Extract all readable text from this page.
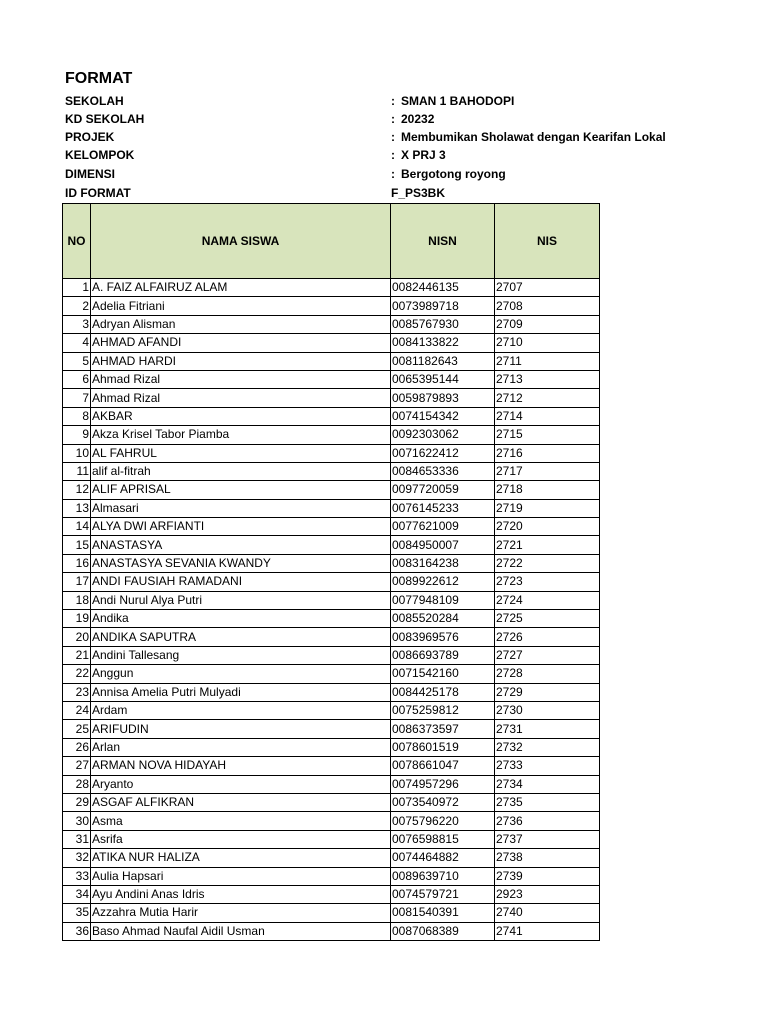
FORMAT
SEKOLAH	: SMAN 1 BAHODOPI
KD SEKOLAH	: 20232
PROJEK	: Membumikan Sholawat dengan Kearifan Lokal
KELOMPOK	: X PRJ 3
DIMENSI	: Bergotong royong
ID FORMAT	F_PS3BK
NO	NAMA SISWA	NISN	NIS
1	A. FAIZ ALFAIRUZ ALAM	0082446135	2707
2	Adelia Fitriani	0073989718	2708
3	Adryan Alisman	0085767930	2709
4	AHMAD AFANDI	0084133822	2710
5	AHMAD HARDI	0081182643	2711
6	Ahmad Rizal	0065395144	2713
7	Ahmad Rizal	0059879893	2712
8	AKBAR	0074154342	2714
9	Akza Krisel Tabor Piamba	0092303062	2715
10	AL FAHRUL	0071622412	2716
11	alif al-fitrah	0084653336	2717
12	ALIF APRISAL	0097720059	2718
13	Almasari	0076145233	2719
14	ALYA DWI ARFIANTI	0077621009	2720
15	ANASTASYA	0084950007	2721
16	ANASTASYA SEVANIA KWANDY	0083164238	2722
17	ANDI FAUSIAH RAMADANI	0089922612	2723
18	Andi Nurul Alya Putri	0077948109	2724
19	Andika	0085520284	2725
20	ANDIKA SAPUTRA	0083969576	2726
21	Andini Tallesang	0086693789	2727
22	Anggun	0071542160	2728
23	Annisa Amelia Putri Mulyadi	0084425178	2729
24	Ardam	0075259812	2730
25	ARIFUDIN	0086373597	2731
26	Arlan	0078601519	2732
27	ARMAN NOVA HIDAYAH	0078661047	2733
28	Aryanto	0074957296	2734
29	ASGAF ALFIKRAN	0073540972	2735
30	Asma	0075796220	2736
31	Asrifa	0076598815	2737
32	ATIKA NUR HALIZA	0074464882	2738
33	Aulia Hapsari	0089639710	2739
34	Ayu Andini Anas Idris	0074579721	2923
35	Azzahra Mutia Harir	0081540391	2740
36	Baso Ahmad Naufal Aidil Usman	0087068389	2741
